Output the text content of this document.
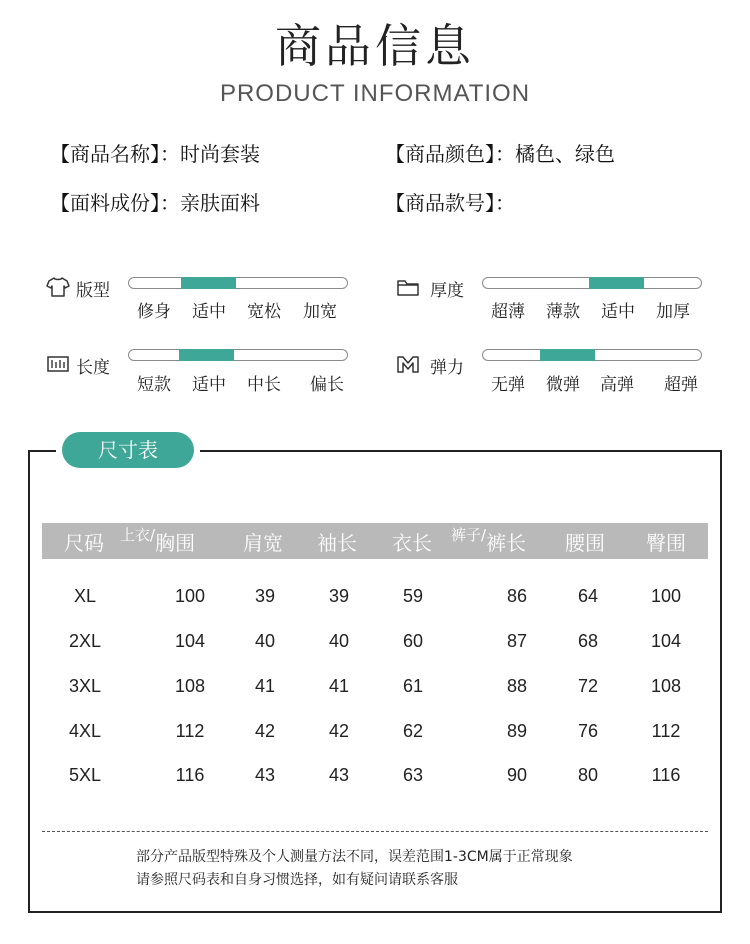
商品信息
PRODUCT INFORMATION
【商品名称】：时尚套装	【商品颜色】：橘色、绿色
【面料成份】：亲肤面料	【商品款号】：
版型
修身	适中	宽松	加宽
厚度
超薄	薄款	适中	加厚
长度
短款	适中	中长	偏长
弹力
无弹	微弹	高弹	超弹
尺寸表
尺码 $^{上衣/}$胸围 肩宽 袖长 衣长 $^{裤子/}$裤长 腰围 臀围
XL	100	39	39	59	86	64	100
2XL	104	40	40	60	87	68	104
3XL	108	41	41	61	88	72	108
4XL	112	42	42	62	89	76	112
5XL	116	43	43	63	90	80	116
部分产品版型特殊及个人测量方法不同，误差范围1-3CM属于正常现象
请参照尺码表和自身习惯选择，如有疑问请联系客服
